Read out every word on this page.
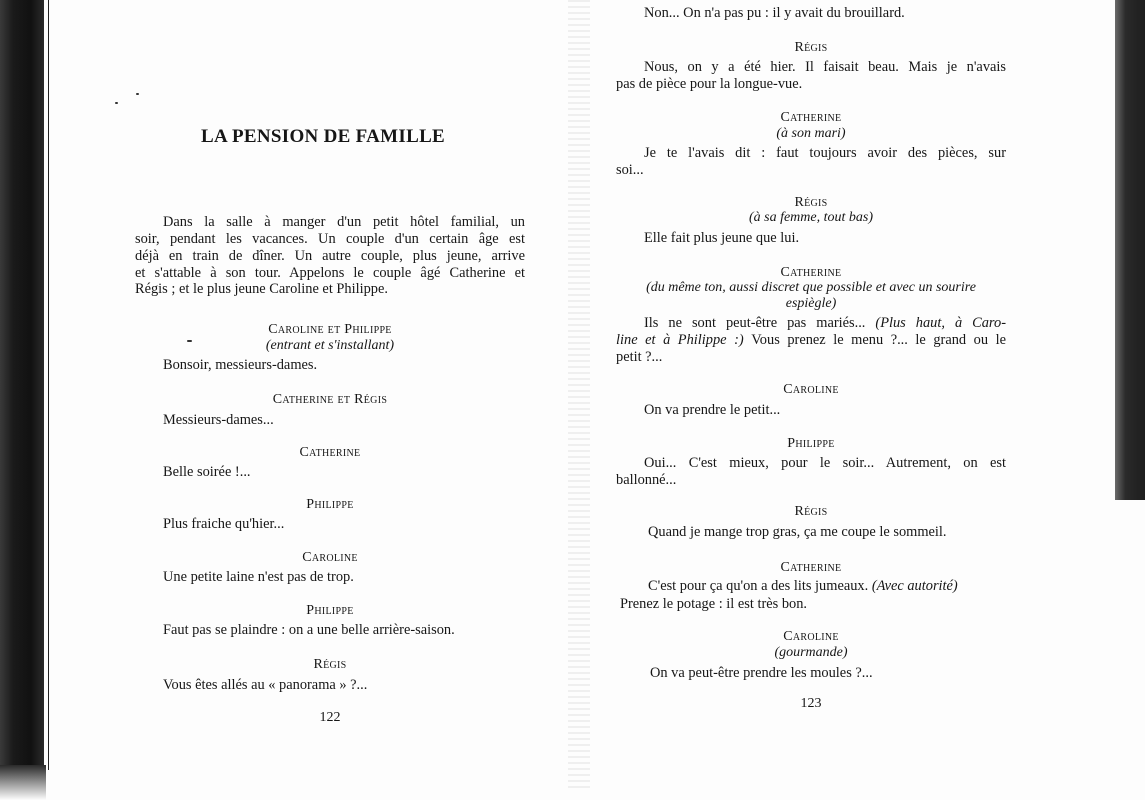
LA PENSION DE FAMILLE
Dans la salle à manger d'un petit hôtel familial, un
soir, pendant les vacances. Un couple d'un certain âge est
déjà en train de dîner. Un autre couple, plus jeune, arrive
et s'attable à son tour. Appelons le couple âgé Catherine et
Régis ; et le plus jeune Caroline et Philippe.
Caroline et Philippe
(entrant et s'installant)
Bonsoir, messieurs-dames.
Catherine et Régis
Messieurs-dames...
Catherine
Belle soirée !...
Philippe
Plus fraiche qu'hier...
Caroline
Une petite laine n'est pas de trop.
Philippe
Faut pas se plaindre : on a une belle arrière-saison.
Régis
Vous êtes allés au « panorama » ?...
122
Non... On n'a pas pu : il y avait du brouillard.
Régis
Nous, on y a été hier. Il faisait beau. Mais je n'avais
pas de pièce pour la longue-vue.
Catherine
(à son mari)
Je te l'avais dit : faut toujours avoir des pièces, sur
soi...
Régis
(à sa femme, tout bas)
Elle fait plus jeune que lui.
Catherine
(du même ton, aussi discret que possible et avec un sourire
espiègle)
Ils ne sont peut-être pas mariés... (Plus haut, à Caro-
line et à Philippe :) Vous prenez le menu ?... le grand ou le
petit ?...
Caroline
On va prendre le petit...
Philippe
Oui... C'est mieux, pour le soir... Autrement, on est
ballonné...
Régis
Quand je mange trop gras, ça me coupe le sommeil.
Catherine
C'est pour ça qu'on a des lits jumeaux. (Avec autorité)
Prenez le potage : il est très bon.
Caroline
(gourmande)
On va peut-être prendre les moules ?...
123
